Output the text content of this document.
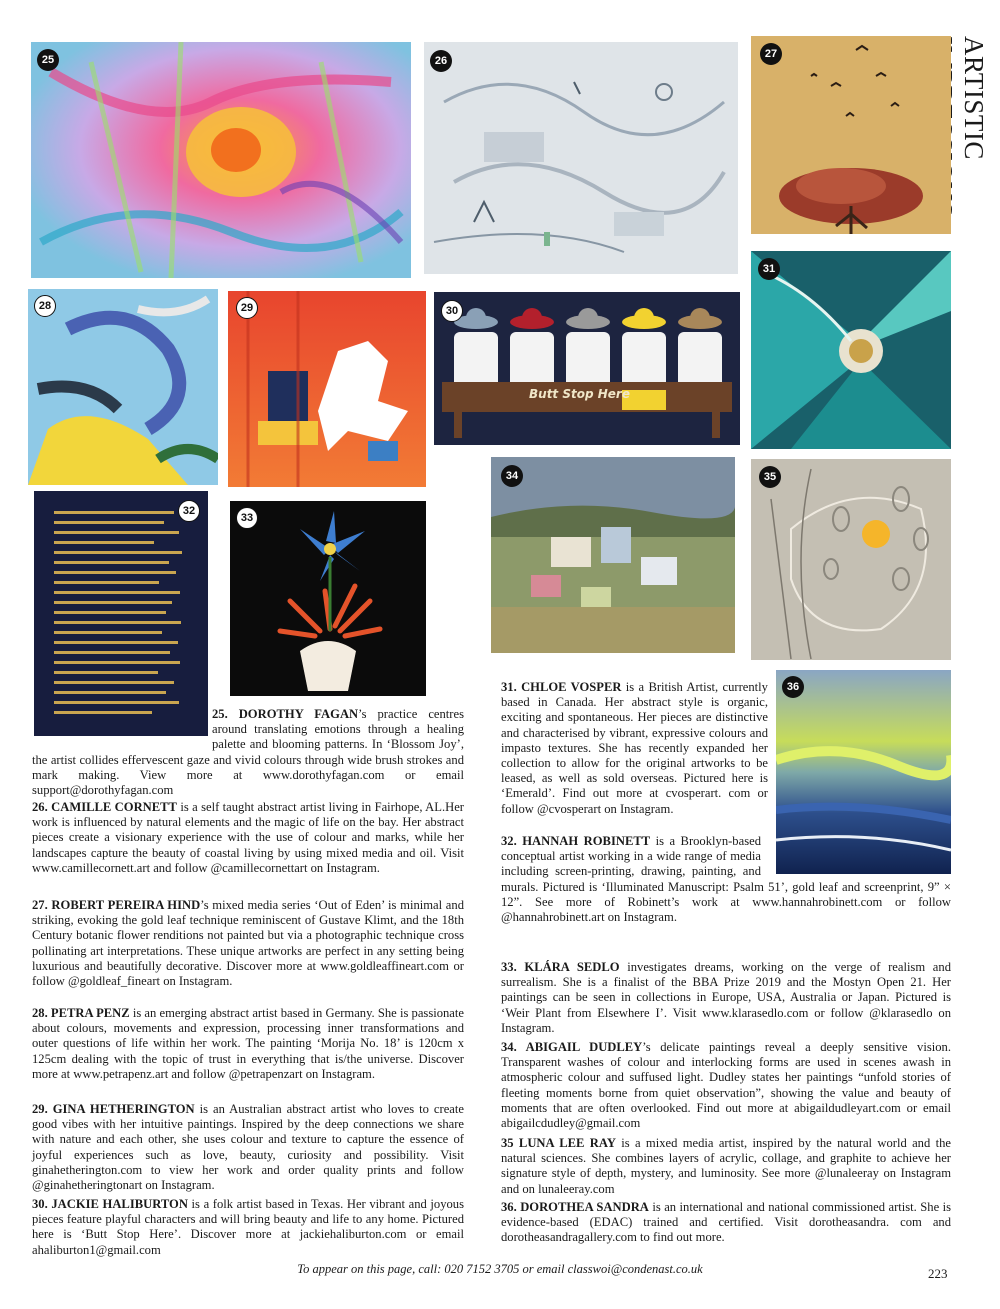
ARTISTIC
25	26
27
28	29
Butt Stop Here
30
31
32
33
34	35
36
25. DOROTHY FAGAN’s practice centres around translating emotions through a healing palette and blooming patterns. In ‘Blossom Joy’, the artist collides effervescent gaze and vivid colours through wide brush strokes and mark making. View more at www.dorothyfagan.com or email support@dorothyfagan.com
26. CAMILLE CORNETT is a self taught abstract artist living in Fairhope, AL.Her work is influenced by natural elements and the magic of life on the bay. Her abstract pieces create a visionary experience with the use of colour and marks, while her landscapes capture the beauty of coastal living by using mixed media and oil. Visit www.camillecornett.art and follow @camillecornettart on Instagram.
27. ROBERT PEREIRA HIND’s mixed media series ‘Out of Eden’ is minimal and striking, evoking the gold leaf technique reminiscent of Gustave Klimt, and the 18th Century botanic flower renditions not painted but via a photographic technique cross pollinating art interpretations. These unique artworks are perfect in any setting being luxurious and beautifully decorative. Discover more at www.goldleaffineart.com or follow @goldleaf_fineart on Instagram.
28. PETRA PENZ is an emerging abstract artist based in Germany. She is passionate about colours, movements and expression, processing inner transformations and outer questions of life within her work. The painting ‘Morija No. 18’ is 120cm x 125cm dealing with the topic of trust in everything that is/the universe. Discover more at www.petrapenz.art and follow @petrapenzart on Instagram.
29. GINA HETHERINGTON is an Australian abstract artist who loves to create good vibes with her intuitive paintings. Inspired by the deep connections we share with nature and each other, she uses colour and texture to capture the essence of joyful experiences such as love, beauty, curiosity and possibility. Visit ginahetherington.com to view her work and order quality prints and follow @ginahetheringtonart on Instagram.
30. JACKIE HALIBURTON is a folk artist based in Texas. Her vibrant and joyous pieces feature playful characters and will bring beauty and life to any home. Pictured here is ‘Butt Stop Here’. Discover more at jackiehaliburton.com or email ahaliburton1@gmail.com
31. CHLOE VOSPER is a British Artist, currently based in Canada. Her abstract style is organic, exciting and spontaneous. Her pieces are distinctive and characterised by vibrant, expressive colours and impasto textures. She has recently expanded her collection to allow for the original artworks to be leased, as well as sold overseas. Pictured here is ‘Emerald’. Find out more at cvosperart. com or follow @cvosperart on Instagram.
32. HANNAH ROBINETT is a Brooklyn-based conceptual artist working in a wide range of media including screen-printing, drawing, painting, and murals. Pictured is ‘Illuminated Manuscript: Psalm 51’, gold leaf and screenprint, 9” × 12”. See more of Robinett’s work at www.hannahrobinett.com or follow @hannahrobinett.art on Instagram.
33. KLÁRA SEDLO investigates dreams, working on the verge of realism and surrealism. She is a finalist of the BBA Prize 2019 and the Mostyn Open 21. Her paintings can be seen in collections in Europe, USA, Australia or Japan. Pictured is ‘Weir Plant from Elsewhere I’. Visit www.klarasedlo.com or follow @klarasedlo on Instagram.
34. ABIGAIL DUDLEY’s delicate paintings reveal a deeply sensitive vision. Transparent washes of colour and interlocking forms are used in scenes awash in atmospheric colour and suffused light. Dudley states her paintings “unfold stories of fleeting moments borne from quiet observation”, showing the value and beauty of moments that are often overlooked. Find out more at abigaildudleyart.com or email abigailcdudley@gmail.com
35 LUNA LEE RAY is a mixed media artist, inspired by the natural world and the natural sciences. She combines layers of acrylic, collage, and graphite to achieve her signature style of depth, mystery, and luminosity. See more @lunaleeray on Instagram and on lunaleeray.com
36. DOROTHEA SANDRA is an international and national commissioned artist. She is evidence-based (EDAC) trained and certified. Visit dorotheasandra. com and dorotheasandragallery.com to find out more.
To appear on this page, call: 020 7152 3705 or email classwoi@condenast.co.uk	223
